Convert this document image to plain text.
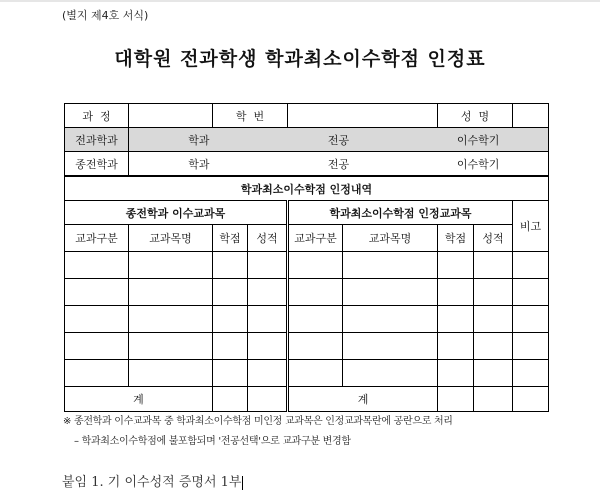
(별지 제4호 서식)
대학원 전과학생 학과최소이수학점 인정표
과  정		학  번				성  명		
전과학과	학과 전공 이수학기							

종전학과	학과 전공 이수학기							

학과최소이수학점 인정내역								
종전학과 이수교과목				학과최소이수학점 인정교과목				비고
교과구분	교과목명	학점	성적	교과구분	교과목명	학점	성적	

계				계				
※ 종전학과 이수교과목 중 학과최소이수학점 미인정 교과목은 인정교과목란에 공란으로 처리
– 학과최소이수학점에 불포함되며 '전공선택'으로 교과구분 변경함
붙임 1. 기 이수성적 증명서 1부
